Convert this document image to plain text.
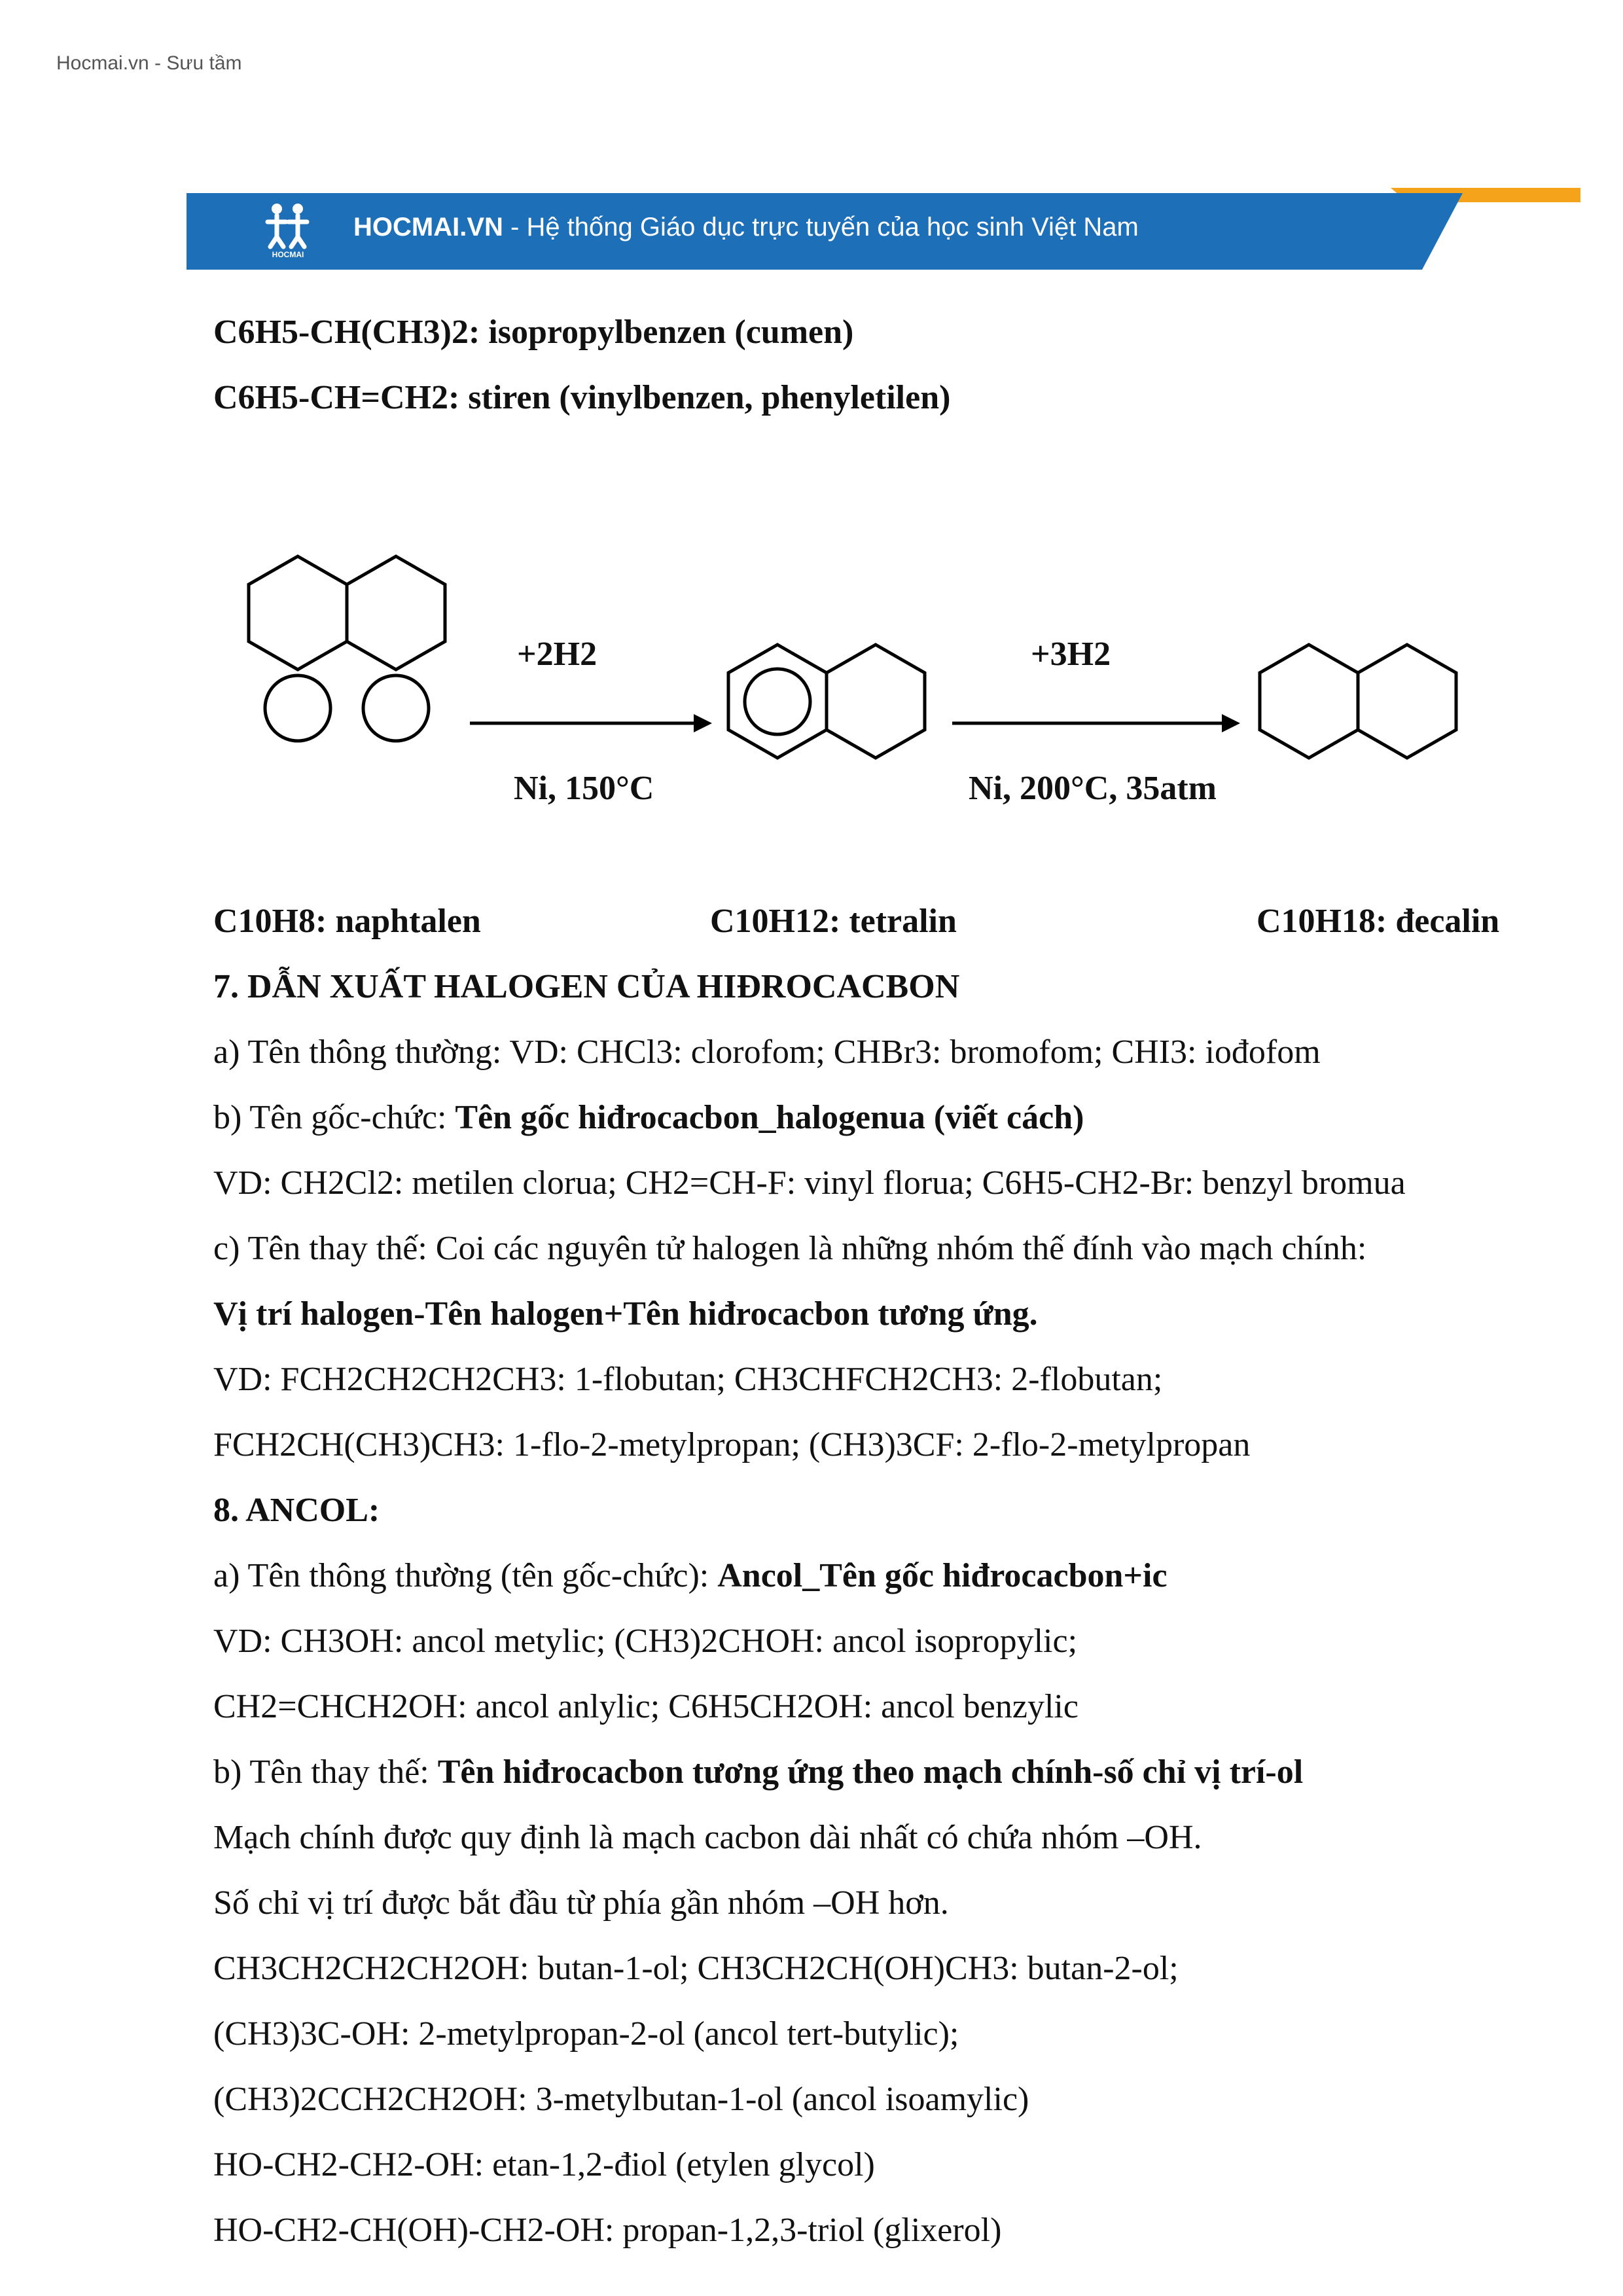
Hocmai.vn - Sưu tầm
HOCMAI
HOCMAI.VN - Hệ thống Giáo dục trực tuyến của học sinh Việt Nam
C6H5-CH(CH3)2: isopropylbenzen (cumen)
C6H5-CH=CH2: stiren (vinylbenzen, phenyletilen)
+2H2
Ni, 150°C
+3H2
Ni, 200°C, 35atm
C10H8: naphtalen	C10H12: tetralin	C10H18: đecalin
7. DẪN XUẤT HALOGEN CỦA HIĐROCACBON
a) Tên thông thường: VD: CHCl3: clorofom; CHBr3: bromofom; CHI3: iođofom
b) Tên gốc-chức: Tên gốc hiđrocacbon_halogenua (viết cách)
VD: CH2Cl2: metilen clorua; CH2=CH-F: vinyl florua; C6H5-CH2-Br: benzyl bromua
c) Tên thay thế: Coi các nguyên tử halogen là những nhóm thế đính vào mạch chính:
Vị trí halogen-Tên halogen+Tên hiđrocacbon tương ứng.
VD: FCH2CH2CH2CH3: 1-flobutan; CH3CHFCH2CH3: 2-flobutan;
FCH2CH(CH3)CH3: 1-flo-2-metylpropan; (CH3)3CF: 2-flo-2-metylpropan
8. ANCOL:
a) Tên thông thường (tên gốc-chức): Ancol_Tên gốc hiđrocacbon+ic
VD: CH3OH: ancol metylic; (CH3)2CHOH: ancol isopropylic;
CH2=CHCH2OH: ancol anlylic; C6H5CH2OH: ancol benzylic
b) Tên thay thế: Tên hiđrocacbon tương ứng theo mạch chính-số chỉ vị trí-ol
Mạch chính được quy định là mạch cacbon dài nhất có chứa nhóm –OH.
Số chỉ vị trí được bắt đầu từ phía gần nhóm –OH hơn.
CH3CH2CH2CH2OH: butan-1-ol; CH3CH2CH(OH)CH3: butan-2-ol;
(CH3)3C-OH: 2-metylpropan-2-ol (ancol tert-butylic);
(CH3)2CCH2CH2OH: 3-metylbutan-1-ol (ancol isoamylic)
HO-CH2-CH2-OH: etan-1,2-điol (etylen glycol)
HO-CH2-CH(OH)-CH2-OH: propan-1,2,3-triol (glixerol)
